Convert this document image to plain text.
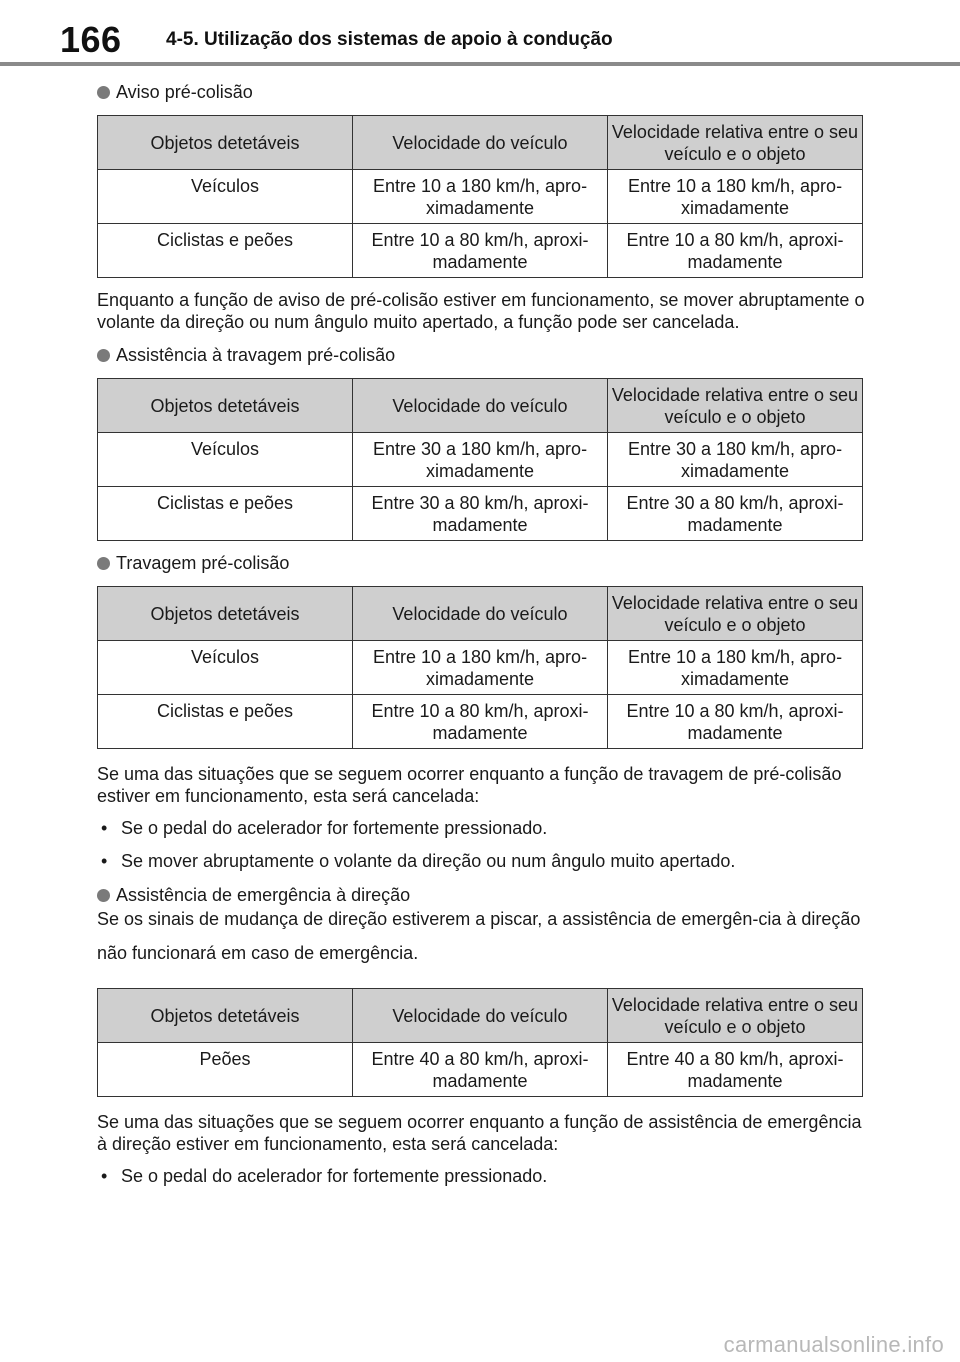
166 4-5. Utilização dos sistemas de apoio à condução
Aviso pré-colisão
Objetos detetáveis	Velocidade do veículo	Velocidade relativa entre o seu veículo e o objeto
Veículos	Entre 10 a 180 km/h, apro-ximadamente	Entre 10 a 180 km/h, apro-ximadamente
Ciclistas e peões	Entre 10 a 80 km/h, aproxi-madamente	Entre 10 a 80 km/h, aproxi-madamente
Enquanto a função de aviso de pré-colisão estiver em funcionamento, se mover abruptamente o volante da direção ou num ângulo muito apertado, a função pode ser cancelada.
Assistência à travagem pré-colisão
Objetos detetáveis	Velocidade do veículo	Velocidade relativa entre o seu veículo e o objeto
Veículos	Entre 30 a 180 km/h, apro-ximadamente	Entre 30 a 180 km/h, apro-ximadamente
Ciclistas e peões	Entre 30 a 80 km/h, aproxi-madamente	Entre 30 a 80 km/h, aproxi-madamente
Travagem pré-colisão
Objetos detetáveis	Velocidade do veículo	Velocidade relativa entre o seu veículo e o objeto
Veículos	Entre 10 a 180 km/h, apro-ximadamente	Entre 10 a 180 km/h, apro-ximadamente
Ciclistas e peões	Entre 10 a 80 km/h, aproxi-madamente	Entre 10 a 80 km/h, aproxi-madamente
Se uma das situações que se seguem ocorrer enquanto a função de travagem de pré-colisão estiver em funcionamento, esta será cancelada:
• Se o pedal do acelerador for fortemente pressionado.
• Se mover abruptamente o volante da direção ou num ângulo muito apertado.
Assistência de emergência à direção
Se os sinais de mudança de direção estiverem a piscar, a assistência de emergên-cia à direção não funcionará em caso de emergência.
Objetos detetáveis	Velocidade do veículo	Velocidade relativa entre o seu veículo e o objeto
Peões	Entre 40 a 80 km/h, aproxi-madamente	Entre 40 a 80 km/h, aproxi-madamente
Se uma das situações que se seguem ocorrer enquanto a função de assistência de emergência à direção estiver em funcionamento, esta será cancelada:
• Se o pedal do acelerador for fortemente pressionado.
carmanualsonline.info
